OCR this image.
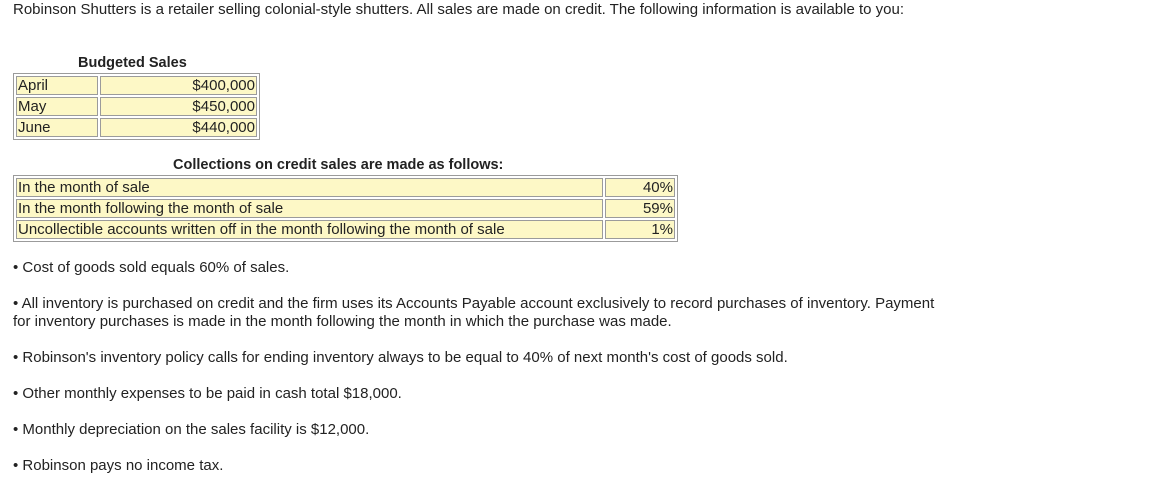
Robinson Shutters is a retailer selling colonial-style shutters. All sales are made on credit. The following information is available to you:
Budgeted Sales
April	$400,000
May	$450,000
June	$440,000
Collections on credit sales are made as follows:
In the month of sale	40%
In the month following the month of sale	59%
Uncollectible accounts written off in the month following the month of sale	1%
• Cost of goods sold equals 60% of sales.
• All inventory is purchased on credit and the firm uses its Accounts Payable account exclusively to record purchases of inventory. Payment for inventory purchases is made in the month following the month in which the purchase was made.
• Robinson's inventory policy calls for ending inventory always to be equal to 40% of next month's cost of goods sold.
• Other monthly expenses to be paid in cash total $18,000.
• Monthly depreciation on the sales facility is $12,000.
• Robinson pays no income tax.
